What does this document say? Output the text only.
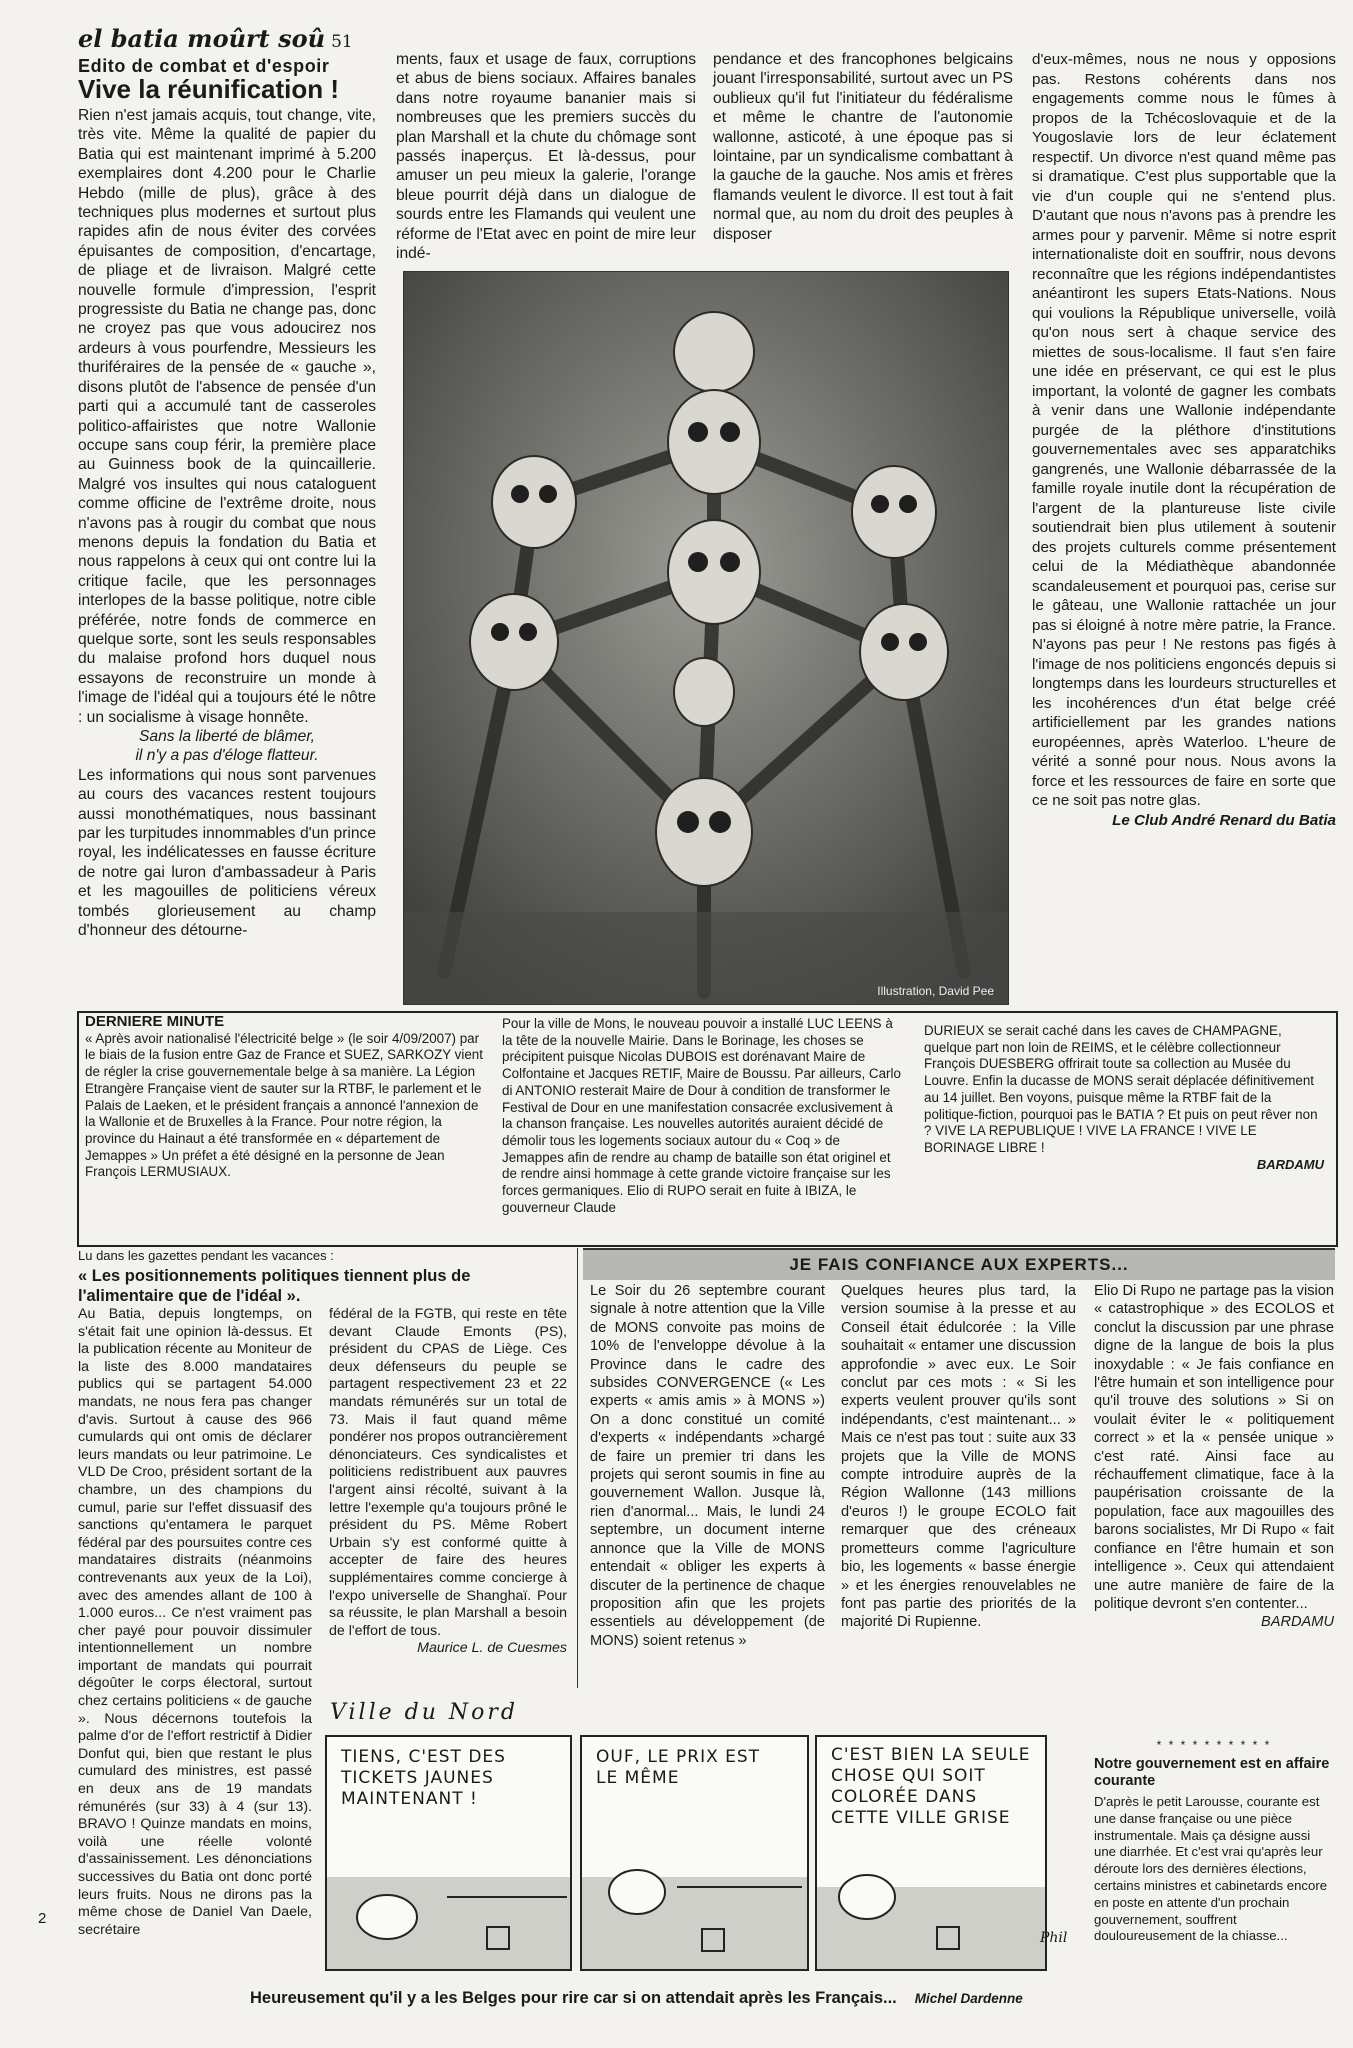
el batia moûrt soû 51
Edito de combat et d'espoir
Vive la réunification !

Rien n'est jamais acquis, tout change, vite, très vite. Même la qualité de papier du Batia qui est maintenant imprimé à 5.200 exemplaires dont 4.200 pour le Charlie Hebdo (mille de plus), grâce à des techniques plus modernes et surtout plus rapides afin de nous éviter des corvées épuisantes de composition, d'encartage, de pliage et de livraison. Malgré cette nouvelle formule d'impression, l'esprit progressiste du Batia ne change pas, donc ne croyez pas que vous adoucirez nos ardeurs à vous pourfendre, Messieurs les thuriféraires de la pensée de « gauche », disons plutôt de l'absence de pensée d'un parti qui a accumulé tant de casseroles politico-affairistes que notre Wallonie occupe sans coup férir, la première place au Guinness book de la quincaillerie. Malgré vos insultes qui nous cataloguent comme officine de l'extrême droite, nous n'avons pas à rougir du combat que nous menons depuis la fondation du Batia et nous rappelons à ceux qui ont contre lui la critique facile, que les personnages interlopes de la basse politique, notre cible préférée, notre fonds de commerce en quelque sorte, sont les seuls responsables du malaise profond hors duquel nous essayons de reconstruire un monde à l'image de l'idéal qui a toujours été le nôtre : un socialisme à visage honnête.

Sans la liberté de blâmer,

il n'y a pas d'éloge flatteur.

Les informations qui nous sont parvenues au cours des vacances restent toujours aussi monothématiques, nous bassinant par les turpitudes innommables d'un prince royal, les indélicatesses en fausse écriture de notre gai luron d'ambassadeur à Paris et les magouilles de politiciens véreux tombés glorieusement au champ d'honneur des détourne-

ments, faux et usage de faux, corruptions et abus de biens sociaux. Affaires banales dans notre royaume bananier mais si nombreuses que les premiers succès du plan Marshall et la chute du chômage sont passés inaperçus. Et là-dessus, pour amuser un peu mieux la galerie, l'orange bleue pourrit déjà dans un dialogue de sourds entre les Flamands qui veulent une réforme de l'Etat avec en point de mire leur indé-

pendance et des francophones belgicains jouant l'irresponsabilité, surtout avec un PS oublieux qu'il fut l'initiateur du fédéralisme et même le chantre de l'autonomie wallonne, asticoté, à une époque pas si lointaine, par un syndicalisme combattant à la gauche de la gauche. Nos amis et frères flamands veulent le divorce. Il est tout à fait normal que, au nom du droit des peuples à disposer

d'eux-mêmes, nous ne nous y opposions pas. Restons cohérents dans nos engagements comme nous le fûmes à propos de la Tchécoslovaquie et de la Yougoslavie lors de leur éclatement respectif. Un divorce n'est quand même pas si dramatique. C'est plus supportable que la vie d'un couple qui ne s'entend plus. D'autant que nous n'avons pas à prendre les armes pour y parvenir. Même si notre esprit internationaliste doit en souffrir, nous devons reconnaître que les régions indépendantistes anéantiront les supers Etats-Nations. Nous qui voulions la République universelle, voilà qu'on nous sert à chaque service des miettes de sous-localisme. Il faut s'en faire une idée en préservant, ce qui est le plus important, la volonté de gagner les combats à venir dans une Wallonie indépendante purgée de la pléthore d'institutions gouvernementales avec ses apparatchiks gangrenés, une Wallonie débarrassée de la famille royale inutile dont la récupération de l'argent de la plantureuse liste civile soutiendrait bien plus utilement à soutenir des projets culturels comme présentement celui de la Médiathèque abandonnée scandaleusement et pourquoi pas, cerise sur le gâteau, une Wallonie rattachée un jour pas si éloigné à notre mère patrie, la France. N'ayons pas peur ! Ne restons pas figés à l'image de nos politiciens engoncés depuis si longtemps dans les lourdeurs structurelles et les incohérences d'un état belge créé artificiellement par les grandes nations européennes, après Waterloo. L'heure de vérité a sonné pour nous. Nous avons la force et les ressources de faire en sorte que ce ne soit pas notre glas.

Le Club André Renard du Batia

Illustration, David Pee

DERNIERE MINUTE

« Après avoir nationalisé l'électricité belge » (le soir 4/09/2007) par le biais de la fusion entre Gaz de France et SUEZ, SARKOZY vient de régler la crise gouvernementale belge à sa manière. La Légion Etrangère Française vient de sauter sur la RTBF, le parlement et le Palais de Laeken, et le président français a annoncé l'annexion de la Wallonie et de Bruxelles à la France. Pour notre région, la province du Hainaut a été transformée en « département de Jemappes » Un préfet a été désigné en la personne de Jean François LERMUSIAUX.

Pour la ville de Mons, le nouveau pouvoir a installé LUC LEENS à la tête de la nouvelle Mairie. Dans le Borinage, les choses se précipitent puisque Nicolas DUBOIS est dorénavant Maire de Colfontaine et Jacques RETIF, Maire de Boussu. Par ailleurs, Carlo di ANTONIO resterait Maire de Dour à condition de transformer le Festival de Dour en une manifestation consacrée exclusivement à la chanson française. Les nouvelles autorités auraient décidé de démolir tous les logements sociaux autour du « Coq » de Jemappes afin de rendre au champ de bataille son état originel et de rendre ainsi hommage à cette grande victoire française sur les forces germaniques. Elio di RUPO serait en fuite à IBIZA, le gouverneur Claude

DURIEUX se serait caché dans les caves de CHAMPAGNE, quelque part non loin de REIMS, et le célèbre collectionneur François DUESBERG offrirait toute sa collection au Musée du Louvre. Enfin la ducasse de MONS serait déplacée définitivement au 14 juillet. Ben voyons, puisque même la RTBF fait de la politique-fiction, pourquoi pas le BATIA ? Et puis on peut rêver non ? VIVE LA REPUBLIQUE ! VIVE LA FRANCE ! VIVE LE BORINAGE LIBRE !

BARDAMU

Lu dans les gazettes pendant les vacances :
« Les positionnements politiques tiennent plus de l'alimentaire que de l'idéal ».

Au Batia, depuis longtemps, on s'était fait une opinion là-dessus. Et la publication récente au Moniteur de la liste des 8.000 mandataires publics qui se partagent 54.000 mandats, ne nous fera pas changer d'avis. Surtout à cause des 966 cumulards qui ont omis de déclarer leurs mandats ou leur patrimoine. Le VLD De Croo, président sortant de la chambre, un des champions du cumul, parie sur l'effet dissuasif des sanctions qu'entamera le parquet fédéral par des poursuites contre ces mandataires distraits (néanmoins contrevenants aux yeux de la Loi), avec des amendes allant de 100 à 1.000 euros... Ce n'est vraiment pas cher payé pour pouvoir dissimuler intentionnellement un nombre important de mandats qui pourrait dégoûter le corps électoral, surtout chez certains politiciens « de gauche ». Nous décernons toutefois la palme d'or de l'effort restrictif à Didier Donfut qui, bien que restant le plus cumulard des ministres, est passé en deux ans de 19 mandats rémunérés (sur 33) à 4 (sur 13). BRAVO ! Quinze mandats en moins, voilà une réelle volonté d'assainissement. Les dénonciations successives du Batia ont donc porté leurs fruits. Nous ne dirons pas la même chose de Daniel Van Daele, secrétaire

fédéral de la FGTB, qui reste en tête devant Claude Emonts (PS), président du CPAS de Liège. Ces deux défenseurs du peuple se partagent respectivement 23 et 22 mandats rémunérés sur un total de 73. Mais il faut quand même pondérer nos propos outrancièrement dénonciateurs. Ces syndicalistes et politiciens redistribuent aux pauvres l'argent ainsi récolté, suivant à la lettre l'exemple qu'a toujours prôné le président du PS. Même Robert Urbain s'y est conformé quitte à accepter de faire des heures supplémentaires comme concierge à l'expo universelle de Shanghaï. Pour sa réussite, le plan Marshall a besoin de l'effort de tous.

Maurice L. de Cuesmes

JE FAIS CONFIANCE AUX EXPERTS...

Le Soir du 26 septembre courant signale à notre attention que la Ville de MONS convoite pas moins de 10% de l'enveloppe dévolue à la Province dans le cadre des subsides CONVERGENCE (« Les experts « amis amis » à MONS ») On a donc constitué un comité d'experts « indépendants »chargé de faire un premier tri dans les projets qui seront soumis in fine au gouvernement Wallon. Jusque là, rien d'anormal... Mais, le lundi 24 septembre, un document interne annonce que la Ville de MONS entendait « obliger les experts à discuter de la pertinence de chaque proposition afin que les projets essentiels au développement (de MONS) soient retenus »

Quelques heures plus tard, la version soumise à la presse et au Conseil était édulcorée : la Ville souhaitait « entamer une discussion approfondie » avec eux. Le Soir conclut par ces mots : « Si les experts veulent prouver qu'ils sont indépendants, c'est maintenant... » Mais ce n'est pas tout : suite aux 33 projets que la Ville de MONS compte introduire auprès de la Région Wallonne (143 millions d'euros !) le groupe ECOLO fait remarquer que des créneaux prometteurs comme l'agriculture bio, les logements « basse énergie » et les énergies renouvelables ne font pas partie des priorités de la majorité Di Rupienne.

Elio Di Rupo ne partage pas la vision « catastrophique » des ECOLOS et conclut la discussion par une phrase digne de la langue de bois la plus inoxydable : « Je fais confiance en l'être humain et son intelligence pour qu'il trouve des solutions » Si on voulait éviter le « politiquement correct » et la « pensée unique » c'est raté. Ainsi face au réchauffement climatique, face à la paupérisation croissante de la population, face aux magouilles des barons socialistes, Mr Di Rupo « fait confiance en l'être humain et son intelligence ». Ceux qui attendaient une autre manière de faire de la politique devront s'en contenter...

BARDAMU

* * * * * * * * * *
Notre gouvernement est en affaire courante
D'après le petit Larousse, courante est une danse française ou une pièce instrumentale. Mais ça désigne aussi une diarrhée. Et c'est vrai qu'après leur déroute lors des dernières élections, certains ministres et cabinetards encore en poste en attente d'un prochain gouvernement, souffrent douloureusement de la chiasse...
Ville du Nord
TIENS, C'EST DES TICKETS JAUNES MAINTENANT !
OUF, LE PRIX EST LE MÊME
C'EST BIEN LA SEULE CHOSE QUI SOIT COLORÉE DANS CETTE VILLE GRISE
Phil
Heureusement qu'il y a les Belges pour rire car si on attendait après les Français... Michel Dardenne
2
